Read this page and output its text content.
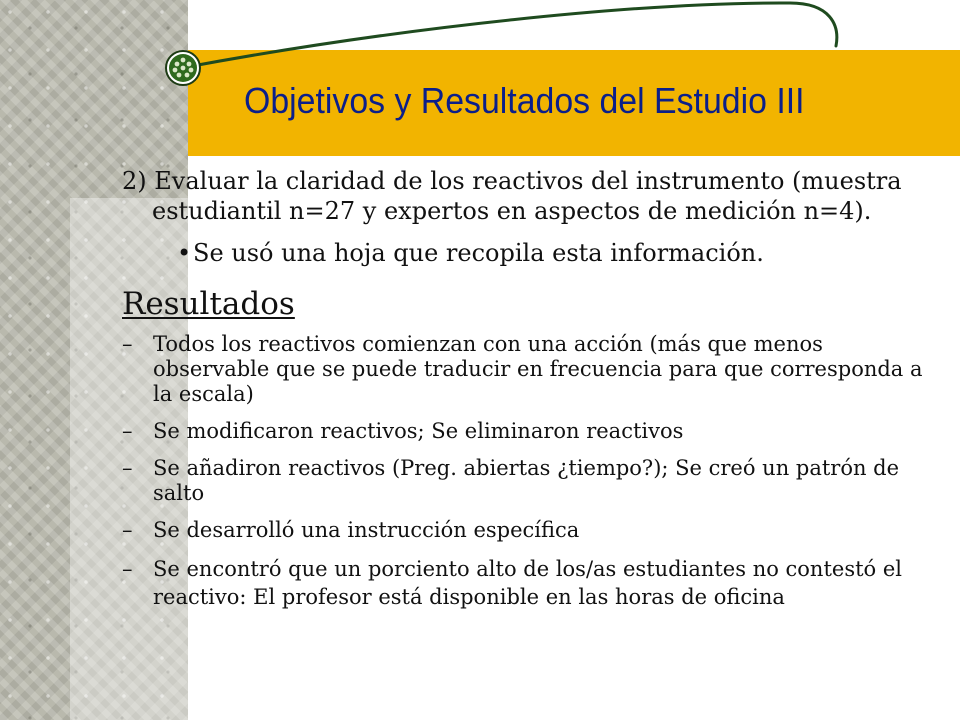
Objetivos y Resultados del Estudio III

2) Evaluar la claridad de los reactivos del instrumento (muestra estudiantil n=27 y expertos en aspectos de medición n=4).

• Se usó una hoja que recopila esta información.

Resultados
– Todos los reactivos comienzan con una acción (más que menos observable que se puede traducir en frecuencia para que corresponda a la escala)
– Se modificaron reactivos; Se eliminaron reactivos
– Se añadiron reactivos (Preg. abiertas ¿tiempo?); Se creó un patrón de salto
– Se desarrolló una instrucción específica
– Se encontró que un porciento alto de los/as estudiantes no contestó el reactivo: El profesor está disponible en las horas de oficina
